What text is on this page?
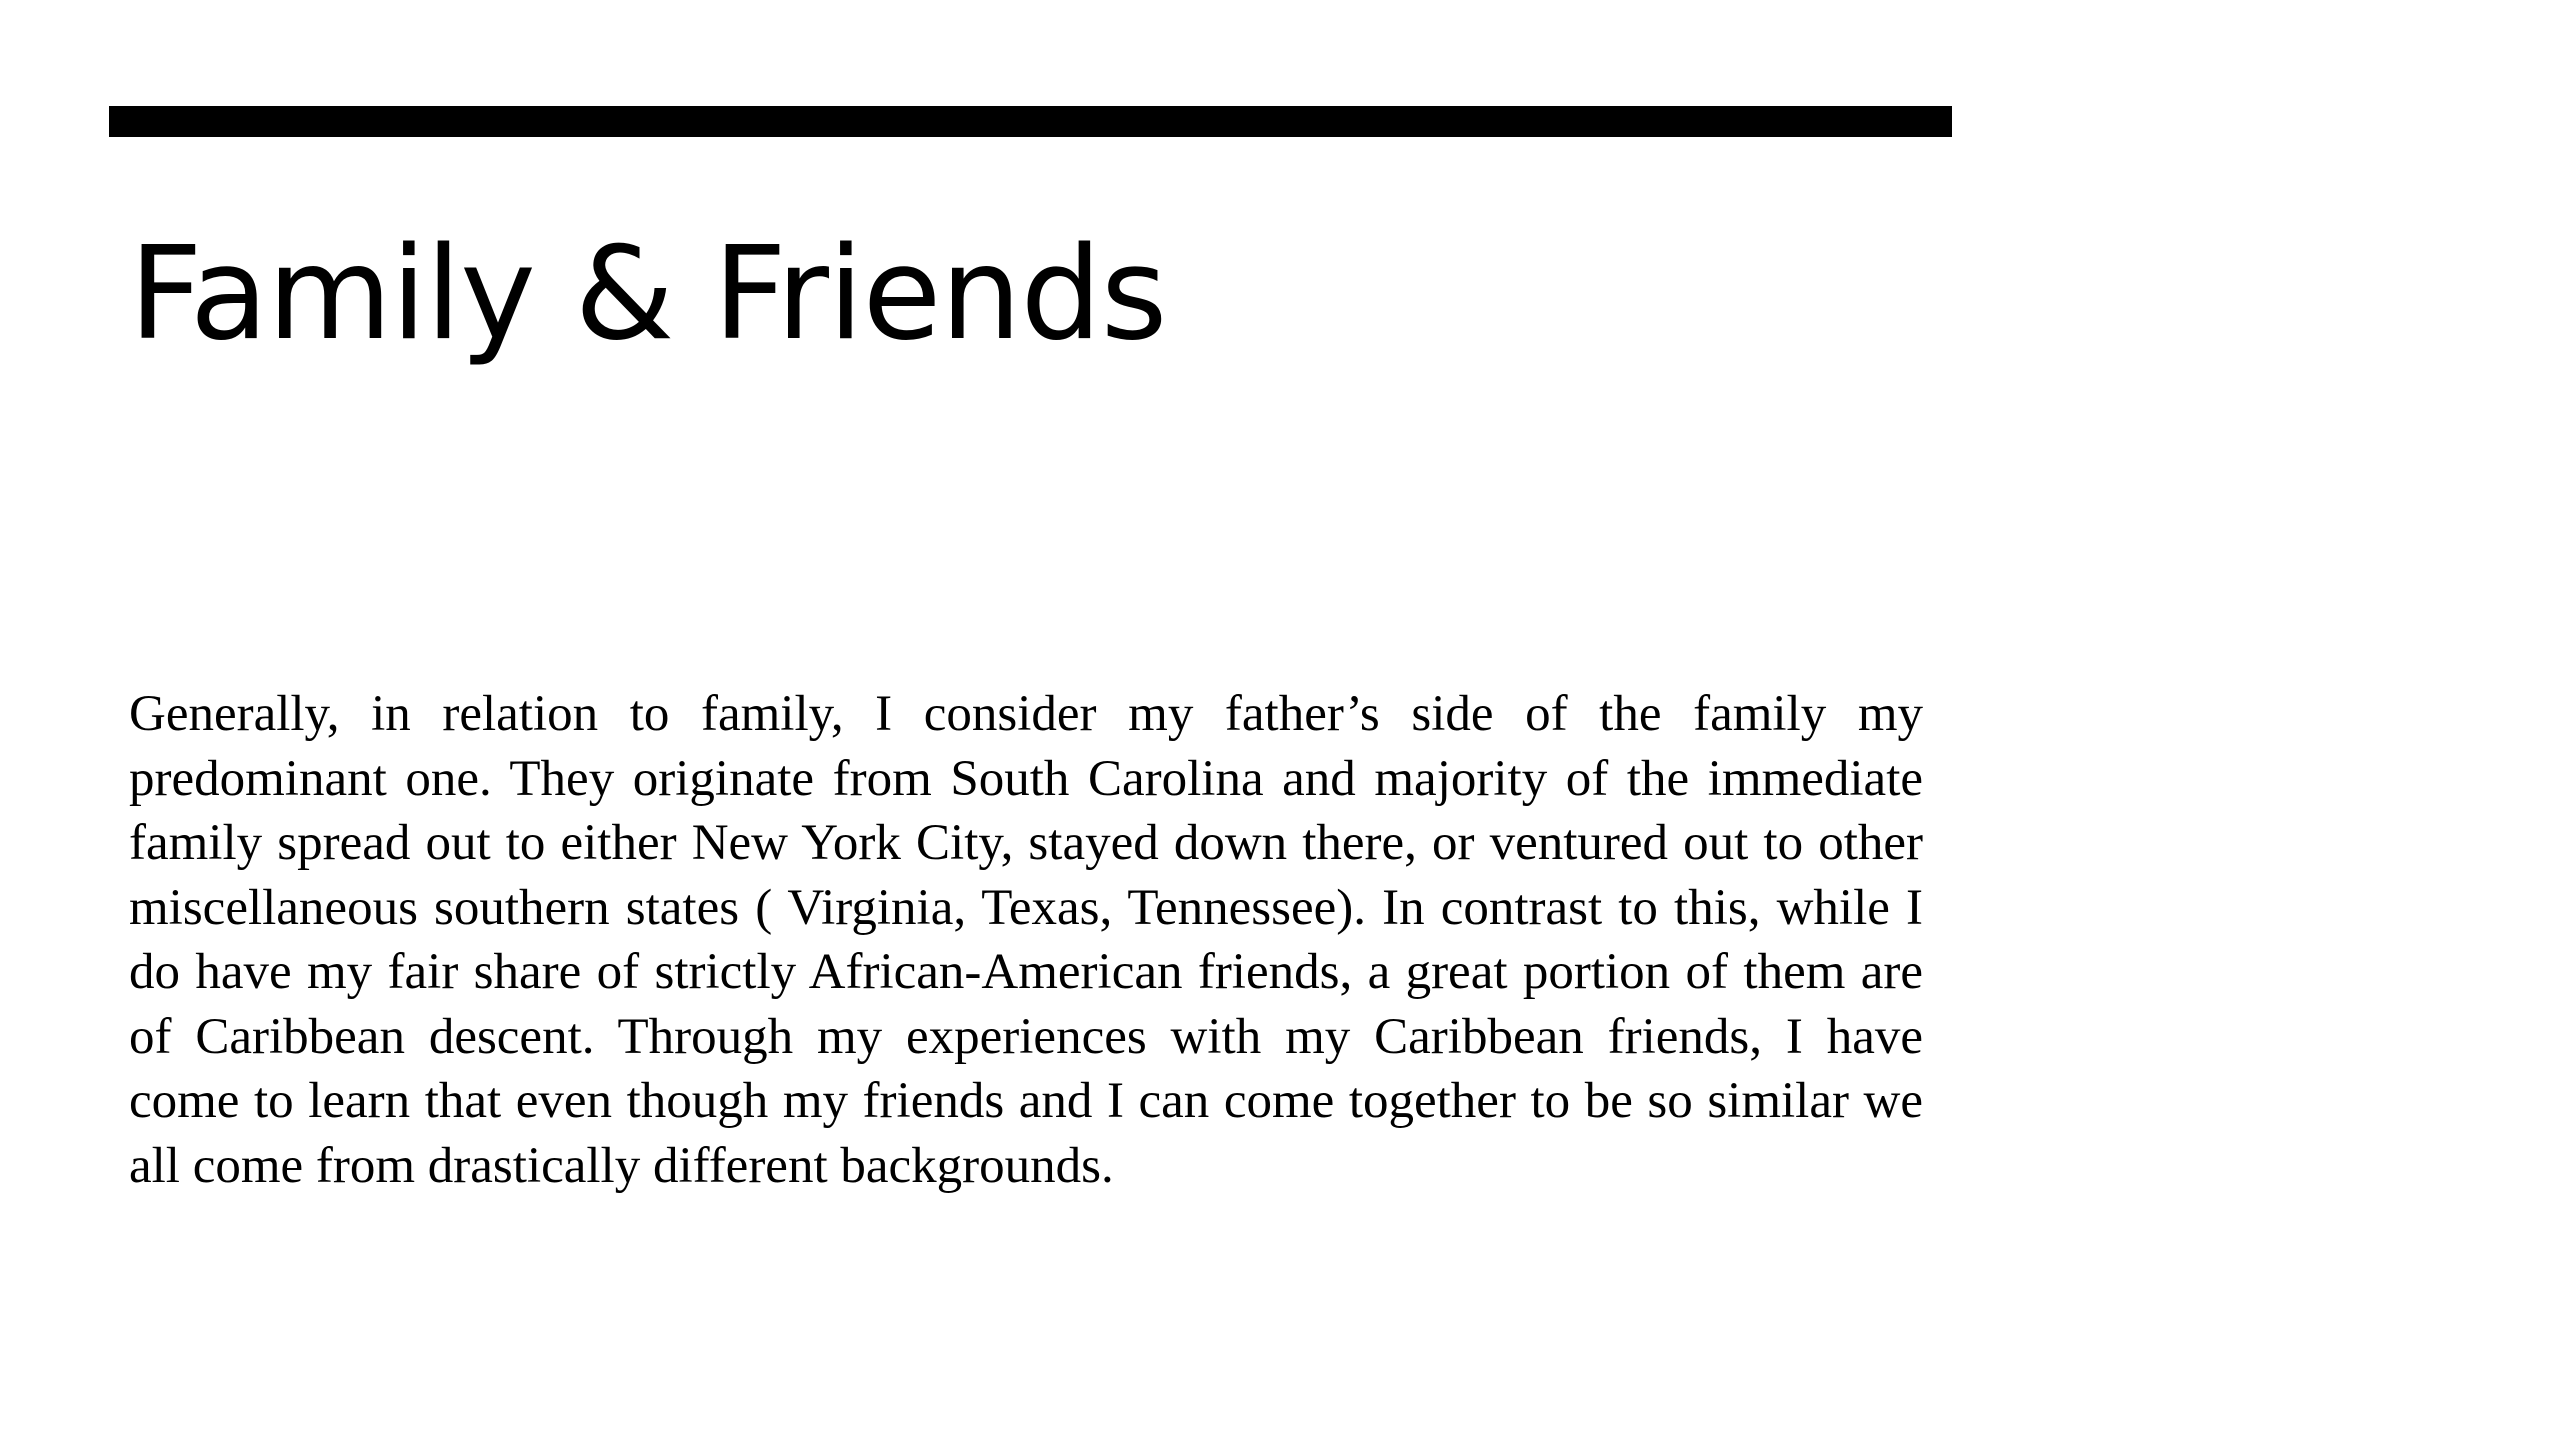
Family & Friends

Generally, in relation to family, I consider my father’s side of the family my predominant one. They originate from South Carolina and majority of the immediate family spread out to either New York City, stayed down there, or ventured out to other miscellaneous southern states ( Virginia, Texas, Tennessee). In contrast to this, while I do have my fair share of strictly African-American friends, a great portion of them are of Caribbean descent. Through my experiences with my Caribbean friends, I have come to learn that even though my friends and I can come together to be so similar we all come from drastically different backgrounds.
